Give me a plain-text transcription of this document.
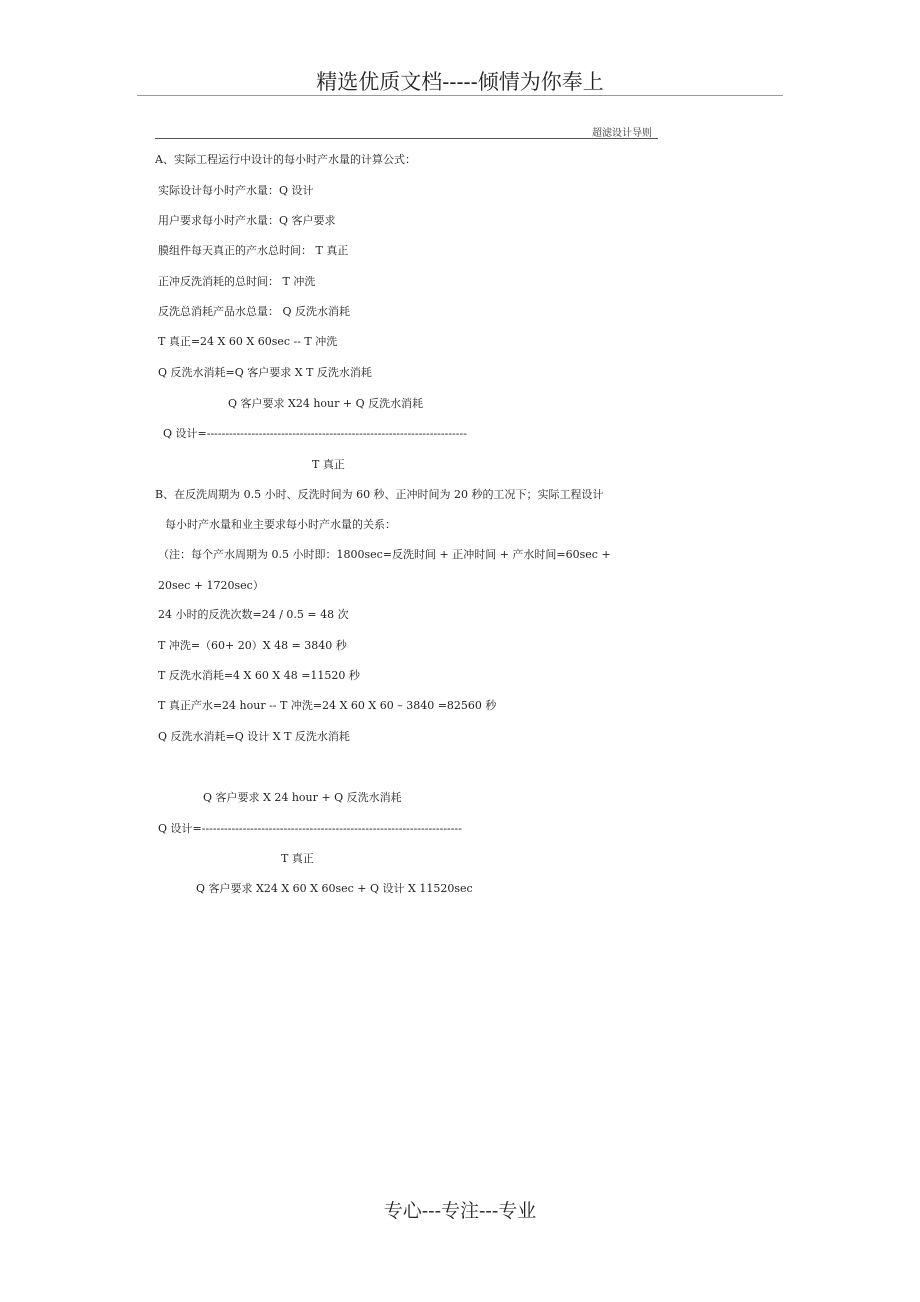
精选优质文档-----倾情为你奉上
超滤设计导则
A、实际工程运行中设计的每小时产水量的计算公式：
实际设计每小时产水量：Q 设计
用户要求每小时产水量：Q 客户要求
膜组件每天真正的产水总时间： T 真正
正冲反洗消耗的总时间： T 冲洗
反洗总消耗产品水总量： Q 反洗水消耗
T 真正=24 X 60 X 60sec -- T 冲洗
Q 反洗水消耗=Q 客户要求 X T 反洗水消耗
Q 客户要求 X24 hour + Q 反洗水消耗
Q 设计=----------------------------------------------------------------------
T 真正
B、在反洗周期为 0.5 小时、反洗时间为 60 秒、正冲时间为 20 秒的工况下；实际工程设计
每小时产水量和业主要求每小时产水量的关系：
（注：每个产水周期为 0.5 小时即：1800sec=反洗时间 + 正冲时间 + 产水时间=60sec +
20sec + 1720sec）
24 小时的反洗次数=24 / 0.5 = 48 次
T 冲洗=（60+ 20）X 48 = 3840 秒
T 反洗水消耗=4 X 60 X 48 =11520 秒
T 真正产水=24 hour -- T 冲洗=24 X 60 X 60 – 3840 =82560 秒
Q 反洗水消耗=Q 设计 X T 反洗水消耗
Q 客户要求 X 24 hour + Q 反洗水消耗
Q 设计=----------------------------------------------------------------------
T 真正
Q 客户要求 X24 X 60 X 60sec + Q 设计 X 11520sec
专心---专注---专业
